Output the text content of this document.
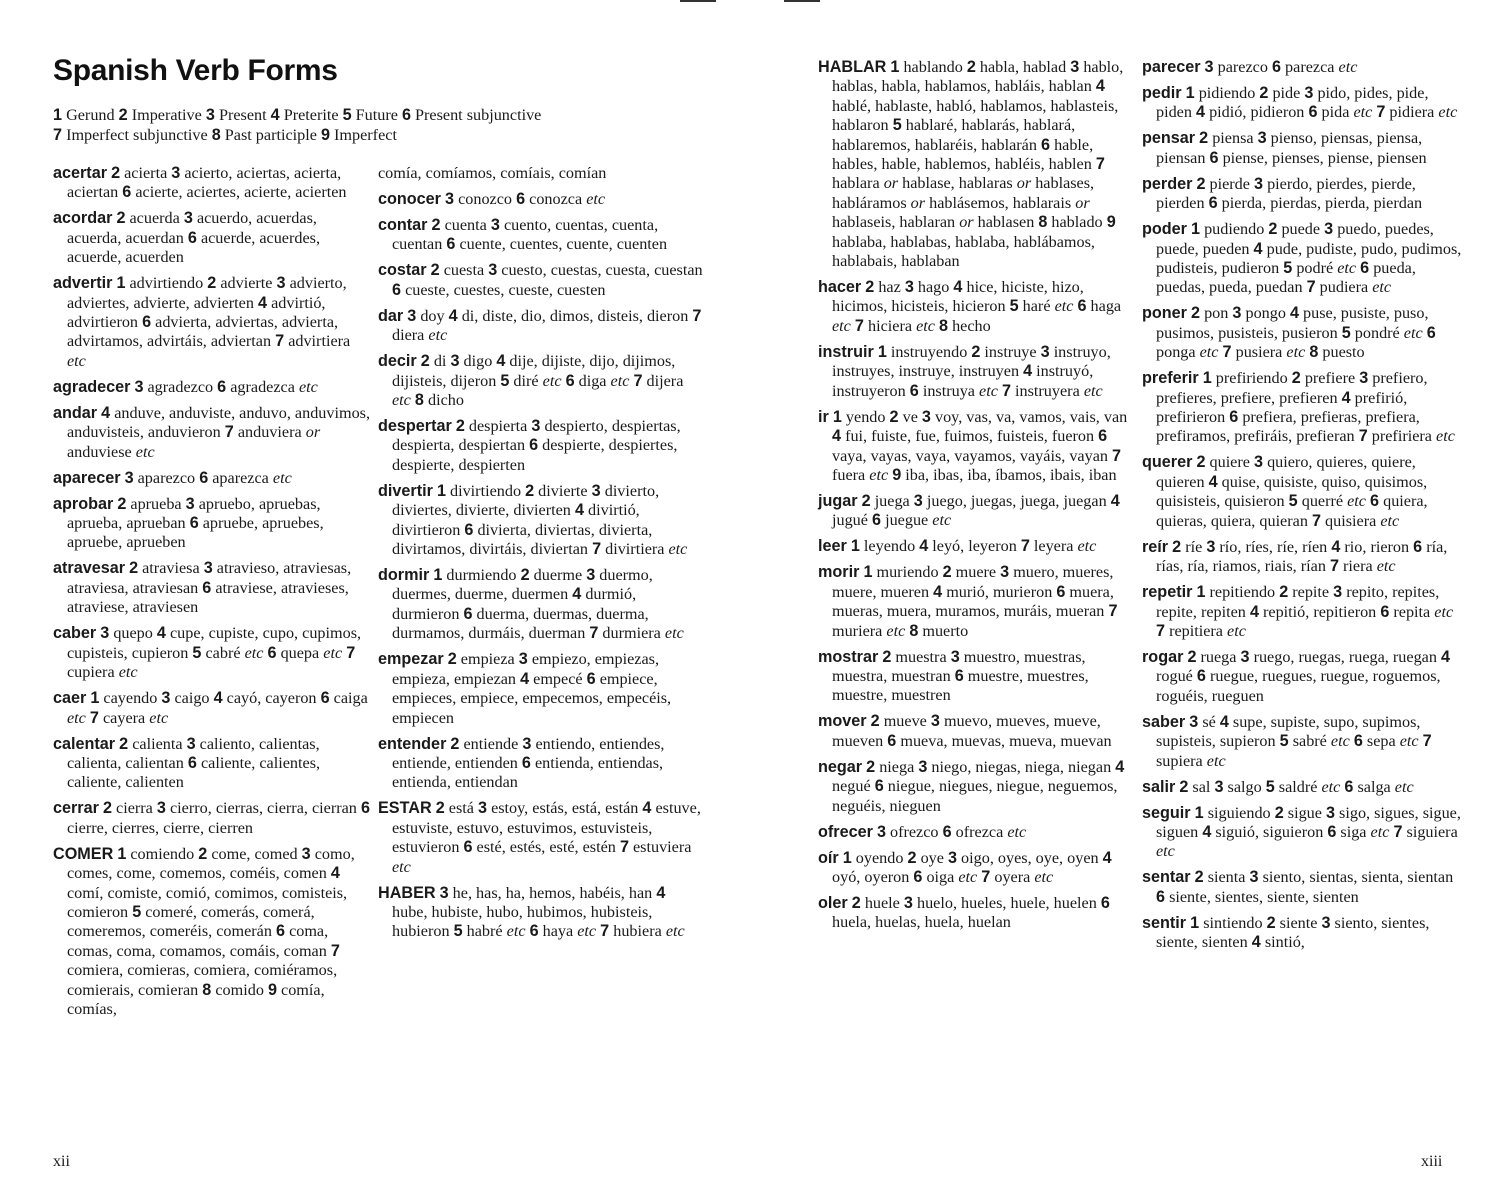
Spanish Verb Forms
1 Gerund 2 Imperative 3 Present 4 Preterite 5 Future 6 Present subjunctive
7 Imperfect subjunctive 8 Past participle 9 Imperfect
acertar 2 acierta 3 acierto, aciertas, acierta, aciertan 6 acierte, aciertes, acierte, acierten
acordar 2 acuerda 3 acuerdo, acuerdas, acuerda, acuerdan 6 acuerde, acuerdes, acuerde, acuerden
advertir 1 advirtiendo 2 advierte 3 advierto, adviertes, advierte, advierten 4 advirtió, advirtieron 6 advierta, adviertas, advierta, advirtamos, advirtáis, adviertan 7 advirtiera etc
agradecer 3 agradezco 6 agradezca etc
andar 4 anduve, anduviste, anduvo, anduvimos, anduvisteis, anduvieron 7 anduviera or anduviese etc
aparecer 3 aparezco 6 aparezca etc
aprobar 2 aprueba 3 apruebo, apruebas, aprueba, aprueban 6 apruebe, apruebes, apruebe, aprueben
atravesar 2 atraviesa 3 atravieso, atraviesas, atraviesa, atraviesan 6 atraviese, atravieses, atraviese, atraviesen
caber 3 quepo 4 cupe, cupiste, cupo, cupimos, cupisteis, cupieron 5 cabré etc 6 quepa etc 7 cupiera etc
caer 1 cayendo 3 caigo 4 cayó, cayeron 6 caiga etc 7 cayera etc
calentar 2 calienta 3 caliento, calientas, calienta, calientan 6 caliente, calientes, caliente, calienten
cerrar 2 cierra 3 cierro, cierras, cierra, cierran 6 cierre, cierres, cierre, cierren
COMER 1 comiendo 2 come, comed 3 como, comes, come, comemos, coméis, comen 4 comí, comiste, comió, comimos, comisteis, comieron 5 comeré, comerás, comerá, comeremos, comeréis, comerán 6 coma, comas, coma, comamos, comáis, coman 7 comiera, comieras, comiera, comiéramos, comierais, comieran 8 comido 9 comía, comías,
comía, comíamos, comíais, comían
conocer 3 conozco 6 conozca etc
contar 2 cuenta 3 cuento, cuentas, cuenta, cuentan 6 cuente, cuentes, cuente, cuenten
costar 2 cuesta 3 cuesto, cuestas, cuesta, cuestan 6 cueste, cuestes, cueste, cuesten
dar 3 doy 4 di, diste, dio, dimos, disteis, dieron 7 diera etc
decir 2 di 3 digo 4 dije, dijiste, dijo, dijimos, dijisteis, dijeron 5 diré etc 6 diga etc 7 dijera etc 8 dicho
despertar 2 despierta 3 despierto, despiertas, despierta, despiertan 6 despierte, despiertes, despierte, despierten
divertir 1 divirtiendo 2 divierte 3 divierto, diviertes, divierte, divierten 4 divirtió, divirtieron 6 divierta, diviertas, divierta, divirtamos, divirtáis, diviertan 7 divirtiera etc
dormir 1 durmiendo 2 duerme 3 duermo, duermes, duerme, duermen 4 durmió, durmieron 6 duerma, duermas, duerma, durmamos, durmáis, duerman 7 durmiera etc
empezar 2 empieza 3 empiezo, empiezas, empieza, empiezan 4 empecé 6 empiece, empieces, empiece, empecemos, empecéis, empiecen
entender 2 entiende 3 entiendo, entiendes, entiende, entienden 6 entienda, entiendas, entienda, entiendan
ESTAR 2 está 3 estoy, estás, está, están 4 estuve, estuviste, estuvo, estuvimos, estuvisteis, estuvieron 6 esté, estés, esté, estén 7 estuviera etc
HABER 3 he, has, ha, hemos, habéis, han 4 hube, hubiste, hubo, hubimos, hubisteis, hubieron 5 habré etc 6 haya etc 7 hubiera etc
xii
HABLAR 1 hablando 2 habla, hablad 3 hablo, hablas, habla, hablamos, habláis, hablan 4 hablé, hablaste, habló, hablamos, hablasteis, hablaron 5 hablaré, hablarás, hablará, hablaremos, hablaréis, hablarán 6 hable, hables, hable, hablemos, habléis, hablen 7 hablara or hablase, hablaras or hablases, habláramos or hablásemos, hablarais or hablaseis, hablaran or hablasen 8 hablado 9 hablaba, hablabas, hablaba, hablábamos, hablabais, hablaban
hacer 2 haz 3 hago 4 hice, hiciste, hizo, hicimos, hicisteis, hicieron 5 haré etc 6 haga etc 7 hiciera etc 8 hecho
instruir 1 instruyendo 2 instruye 3 instruyo, instruyes, instruye, instruyen 4 instruyó, instruyeron 6 instruya etc 7 instruyera etc
ir 1 yendo 2 ve 3 voy, vas, va, vamos, vais, van 4 fui, fuiste, fue, fuimos, fuisteis, fueron 6 vaya, vayas, vaya, vayamos, vayáis, vayan 7 fuera etc 9 iba, ibas, iba, íbamos, ibais, iban
jugar 2 juega 3 juego, juegas, juega, juegan 4 jugué 6 juegue etc
leer 1 leyendo 4 leyó, leyeron 7 leyera etc
morir 1 muriendo 2 muere 3 muero, mueres, muere, mueren 4 murió, murieron 6 muera, mueras, muera, muramos, muráis, mueran 7 muriera etc 8 muerto
mostrar 2 muestra 3 muestro, muestras, muestra, muestran 6 muestre, muestres, muestre, muestren
mover 2 mueve 3 muevo, mueves, mueve, mueven 6 mueva, muevas, mueva, muevan
negar 2 niega 3 niego, niegas, niega, niegan 4 negué 6 niegue, niegues, niegue, neguemos, neguéis, nieguen
ofrecer 3 ofrezco 6 ofrezca etc
oír 1 oyendo 2 oye 3 oigo, oyes, oye, oyen 4 oyó, oyeron 6 oiga etc 7 oyera etc
oler 2 huele 3 huelo, hueles, huele, huelen 6 huela, huelas, huela, huelan
parecer 3 parezco 6 parezca etc
pedir 1 pidiendo 2 pide 3 pido, pides, pide, piden 4 pidió, pidieron 6 pida etc 7 pidiera etc
pensar 2 piensa 3 pienso, piensas, piensa, piensan 6 piense, pienses, piense, piensen
perder 2 pierde 3 pierdo, pierdes, pierde, pierden 6 pierda, pierdas, pierda, pierdan
poder 1 pudiendo 2 puede 3 puedo, puedes, puede, pueden 4 pude, pudiste, pudo, pudimos, pudisteis, pudieron 5 podré etc 6 pueda, puedas, pueda, puedan 7 pudiera etc
poner 2 pon 3 pongo 4 puse, pusiste, puso, pusimos, pusisteis, pusieron 5 pondré etc 6 ponga etc 7 pusiera etc 8 puesto
preferir 1 prefiriendo 2 prefiere 3 prefiero, prefieres, prefiere, prefieren 4 prefirió, prefirieron 6 prefiera, prefieras, prefiera, prefiramos, prefiráis, prefieran 7 prefiriera etc
querer 2 quiere 3 quiero, quieres, quiere, quieren 4 quise, quisiste, quiso, quisimos, quisisteis, quisieron 5 querré etc 6 quiera, quieras, quiera, quieran 7 quisiera etc
reír 2 ríe 3 río, ríes, ríe, ríen 4 rio, rieron 6 ría, rías, ría, riamos, riais, rían 7 riera etc
repetir 1 repitiendo 2 repite 3 repito, repites, repite, repiten 4 repitió, repitieron 6 repita etc 7 repitiera etc
rogar 2 ruega 3 ruego, ruegas, ruega, ruegan 4 rogué 6 ruegue, ruegues, ruegue, roguemos, roguéis, rueguen
saber 3 sé 4 supe, supiste, supo, supimos, supisteis, supieron 5 sabré etc 6 sepa etc 7 supiera etc
salir 2 sal 3 salgo 5 saldré etc 6 salga etc
seguir 1 siguiendo 2 sigue 3 sigo, sigues, sigue, siguen 4 siguió, siguieron 6 siga etc 7 siguiera etc
sentar 2 sienta 3 siento, sientas, sienta, sientan 6 siente, sientes, siente, sienten
sentir 1 sintiendo 2 siente 3 siento, sientes, siente, sienten 4 sintió,
xiii
